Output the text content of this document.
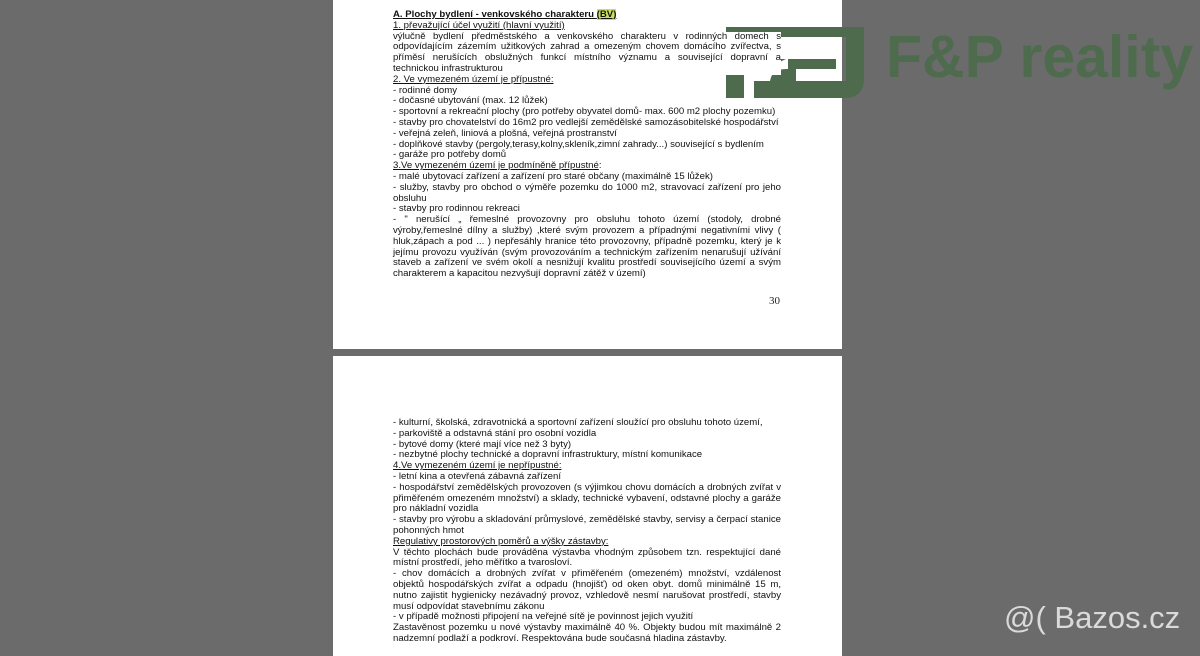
A. Plochy bydlení - venkovského charakteru (BV)
1. převažující účel využití (hlavní využití)
výlučně bydlení předměstského a venkovského charakteru v rodinných domech s odpovídajícím zázemím užitkových zahrad a omezeným chovem domácího zvířectva, s příměsí nerušících obslužných funkcí místního významu a související dopravní a technickou infrastrukturou
2. Ve vymezeném území je přípustné:
- rodinné domy
- dočasné ubytování (max. 12 lůžek)
- sportovní a rekreační plochy (pro potřeby obyvatel domů- max. 600 m2 plochy pozemku)
- stavby pro chovatelství do 16m2 pro vedlejší zemědělské samozásobitelské hospodářství
- veřejná zeleň, liniová a plošná, veřejná prostranství
- doplňkové stavby (pergoly,terasy,kolny,skleník,zimní zahrady...) související s bydlením
- garáže pro potřeby domů
3.Ve vymezeném území je podmíněně přípustné:
- malé ubytovací zařízení a zařízení pro staré občany (maximálně 15 lůžek)
- služby, stavby pro obchod o výměře pozemku do 1000 m2, stravovací zařízení pro jeho obsluhu
- stavby pro rodinnou rekreaci
- " nerušící „ řemeslné provozovny pro obsluhu tohoto území (stodoly, drobné výroby,řemeslné dílny a služby) ,které svým provozem a případnými negativními vlivy ( hluk,zápach a pod ... ) nepřesáhly hranice této provozovny, případně pozemku, který je k jejímu provozu využíván (svým provozováním a technickým zařízením nenarušují užívání staveb a zařízení ve svém okolí a nesnižují kvalitu prostředí souvisejícího území a svým charakterem a kapacitou nezvyšují dopravní zátěž v území)
30
- kulturní, školská, zdravotnická a sportovní zařízení sloužící pro obsluhu tohoto území,
- parkoviště a odstavná stání pro osobní vozidla
- bytové domy (které mají více než 3 byty)
- nezbytné plochy technické a dopravní infrastruktury, místní komunikace
4.Ve vymezeném území je nepřípustné:
- letní kina a otevřená zábavná zařízení
- hospodářství zemědělských provozoven (s výjimkou chovu domácích a drobných zvířat v přiměřeném omezeném množství) a sklady, technické vybavení, odstavné plochy a garáže pro nákladní vozidla
- stavby pro výrobu a skladování průmyslové, zemědělské stavby, servisy a čerpací stanice pohonných hmot
Regulativy prostorových poměrů a výšky zástavby:
V těchto plochách bude prováděna výstavba vhodným způsobem tzn. respektující dané místní prostředí, jeho měřítko a tvarosloví.
- chov domácích a drobných zvířat v přiměřeném (omezeném) množství, vzdálenost objektů hospodářských zvířat a odpadu (hnojišť) od oken obyt. domů minimálně 15 m, nutno zajistit hygienicky nezávadný provoz, vzhledově nesmí narušovat prostředí, stavby musí odpovídat stavebnímu zákonu
- v případě možnosti připojení na veřejné sítě je povinnost jejich využití
Zastavěnost pozemku u nové výstavby maximálně 40 %. Objekty budou mít maximálně 2 nadzemní podlaží a podkroví. Respektována bude současná hladina zástavby.
F&P reality
@( Bazos.cz
